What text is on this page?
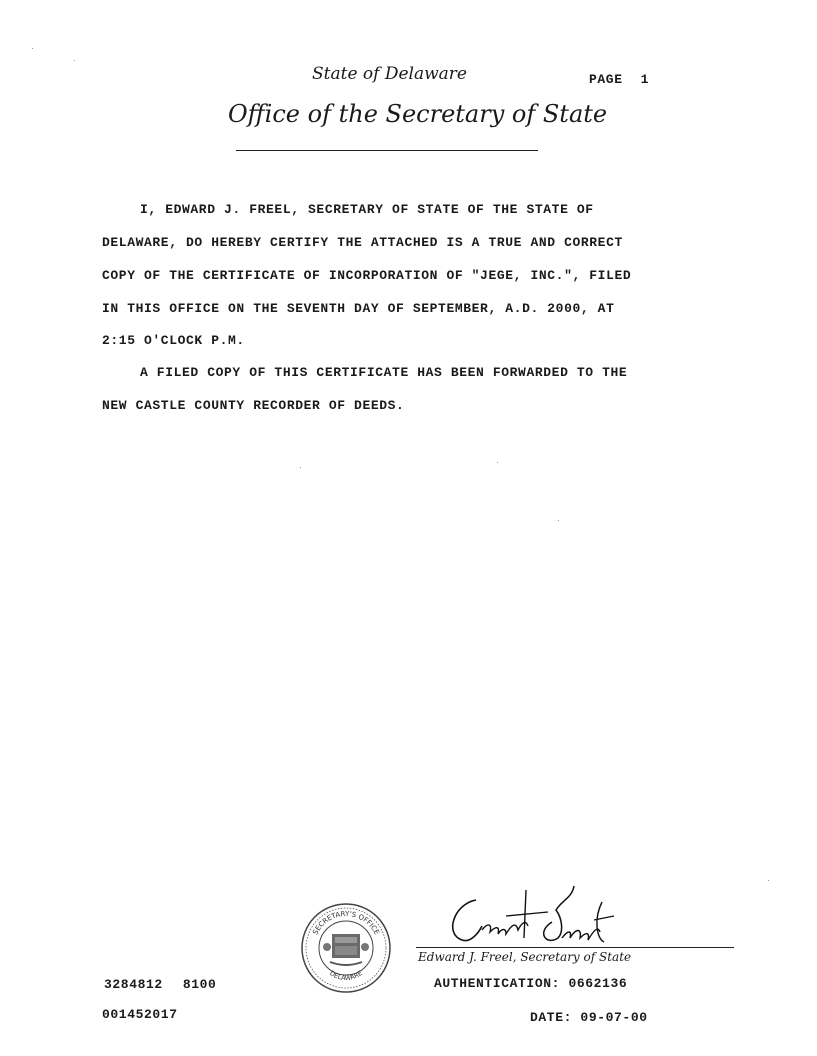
State of Delaware	PAGE 1
Office of the Secretary of State
I, EDWARD J. FREEL, SECRETARY OF STATE OF THE STATE OF
DELAWARE, DO HEREBY CERTIFY THE ATTACHED IS A TRUE AND CORRECT
COPY OF THE CERTIFICATE OF INCORPORATION OF "JEGE, INC.", FILED
IN THIS OFFICE ON THE SEVENTH DAY OF SEPTEMBER, A.D. 2000, AT
2:15 O'CLOCK P.M.
A FILED COPY OF THIS CERTIFICATE HAS BEEN FORWARDED TO THE
NEW CASTLE COUNTY RECORDER OF DEEDS.
SECRETARY'S OFFICE
DELAWARE
Edward J. Freel, Secretary of State
AUTHENTICATION: 0662136
3284812 8100
001452017	DATE: 09-07-00
